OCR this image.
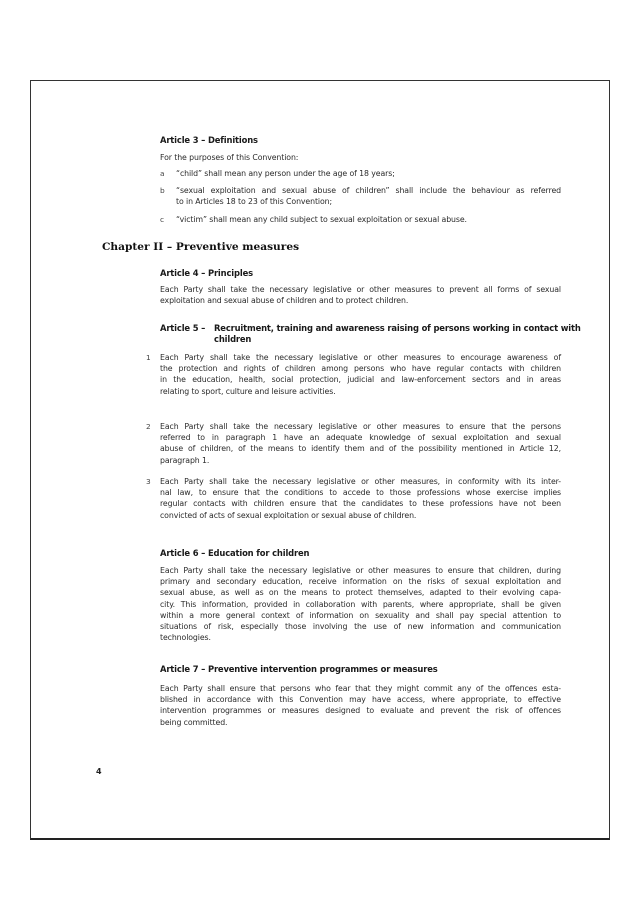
Article 3 – Definitions
For the purposes of this Convention:
a “child” shall mean any person under the age of 18 years;
b “sexual exploitation and sexual abuse of children” shall include the behaviour as referred
to in Articles 18 to 23 of this Convention;
c “victim” shall mean any child subject to sexual exploitation or sexual abuse.
Chapter II – Preventive measures
Article 4 – Principles
Each Party shall take the necessary legislative or other measures to prevent all forms of sexual
exploitation and sexual abuse of children and to protect children.
Article 5 – Recruitment, training and awareness raising of persons working in contact with
children
1 Each Party shall take the necessary legislative or other measures to encourage awareness of
the protection and rights of children among persons who have regular contacts with children
in the education, health, social protection, judicial and law-enforcement sectors and in areas
relating to sport, culture and leisure activities.
2 Each Party shall take the necessary legislative or other measures to ensure that the persons
referred to in paragraph 1 have an adequate knowledge of sexual exploitation and sexual
abuse of children, of the means to identify them and of the possibility mentioned in Article 12,
paragraph 1.
3 Each Party shall take the necessary legislative or other measures, in conformity with its inter-
nal law, to ensure that the conditions to accede to those professions whose exercise implies
regular contacts with children ensure that the candidates to these professions have not been
convicted of acts of sexual exploitation or sexual abuse of children.
Article 6 – Education for children
Each Party shall take the necessary legislative or other measures to ensure that children, during
primary and secondary education, receive information on the risks of sexual exploitation and
sexual abuse, as well as on the means to protect themselves, adapted to their evolving capa-
city. This information, provided in collaboration with parents, where appropriate, shall be given
within a more general context of information on sexuality and shall pay special attention to
situations of risk, especially those involving the use of new information and communication
technologies.
Article 7 – Preventive intervention programmes or measures
Each Party shall ensure that persons who fear that they might commit any of the offences esta-
blished in accordance with this Convention may have access, where appropriate, to effective
intervention programmes or measures designed to evaluate and prevent the risk of offences
being committed.
4
